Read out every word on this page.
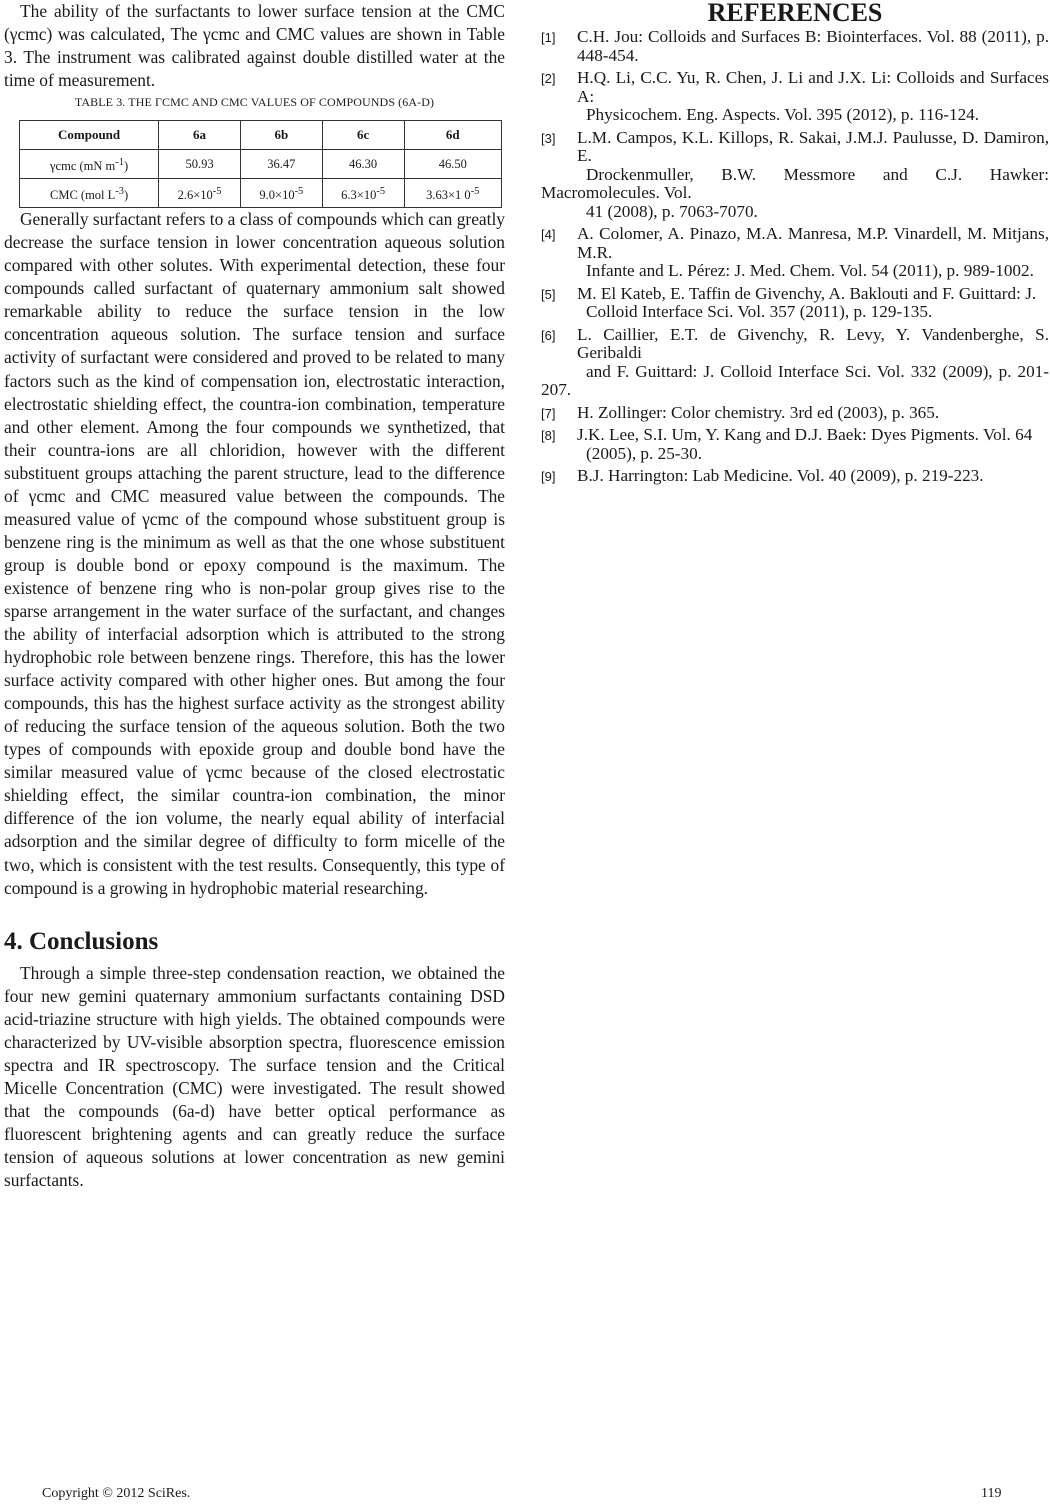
The ability of the surfactants to lower surface tension at the CMC (γcmc) was calculated, The γcmc and CMC values are shown in Table 3. The instrument was calibrated against double distilled water at the time of measurement.

TABLE 3. THE ΓCMC AND CMC VALUES OF COMPOUNDS (6A-D)
Compound	6a	6b	6c	6d
γcmc (mN $m^{-1}$)	50.93	36.47	46.30	46.50
CMC (mol $L^{-3}$)	$2.6\times 10^{-5}$	$9.0\times 10^{-5}$	$6.3\times 10^{-5}$	3.63×1 $0^{-5}$

Generally surfactant refers to a class of compounds which can greatly decrease the surface tension in lower concentration aqueous solution compared with other solutes. With experimental detection, these four compounds called surfactant of quaternary ammonium salt showed remarkable ability to reduce the surface tension in the low concentration aqueous solution. The surface tension and surface activity of surfactant were considered and proved to be related to many factors such as the kind of compensation ion, electrostatic interaction, electrostatic shielding effect, the countra-ion combination, temperature and other element. Among the four compounds we synthetized, that their countra-ions are all chloridion, however with the different substituent groups attaching the parent structure, lead to the difference of γcmc and CMC measured value between the compounds. The measured value of γcmc of the compound whose substituent group is benzene ring is the minimum as well as that the one whose substituent group is double bond or epoxy compound is the maximum. The existence of benzene ring who is non-polar group gives rise to the sparse arrangement in the water surface of the surfactant, and changes the ability of interfacial adsorption which is attributed to the strong hydrophobic role between benzene rings. Therefore, this has the lower surface activity compared with other higher ones. But among the four compounds, this has the highest surface activity as the strongest ability of reducing the surface tension of the aqueous solution. Both the two types of compounds with epoxide group and double bond have the similar measured value of γcmc because of the closed electrostatic shielding effect, the similar countra-ion combination, the minor difference of the ion volume, the nearly equal ability of interfacial adsorption and the similar degree of difficulty to form micelle of the two, which is consistent with the test results. Consequently, this type of compound is a growing in hydrophobic material researching.

4. Conclusions

Through a simple three-step condensation reaction, we obtained the four new gemini quaternary ammonium surfactants containing DSD acid-triazine structure with high yields. The obtained compounds were characterized by UV-visible absorption spectra, fluorescence emission spectra and IR spectroscopy. The surface tension and the Critical Micelle Concentration (CMC) were investigated. The result showed that the compounds (6a-d) have better optical performance as fluorescent brightening agents and can greatly reduce the surface tension of aqueous solutions at lower concentration as new gemini surfactants.

REFERENCES
[1]	C.H. Jou: Colloids and Surfaces B: Biointerfaces. Vol. 88 (2011), p. 448-454.
[2]	H.Q. Li, C.C. Yu, R. Chen, J. Li and J.X. Li: Colloids and Surfaces A:
Physicochem. Eng. Aspects. Vol. 395 (2012), p. 116-124.
[3]	L.M. Campos, K.L. Killops, R. Sakai, J.M.J. Paulusse, D. Damiron, E.
Drockenmuller, B.W. Messmore and C.J. Hawker: Macromolecules. Vol.
41 (2008), p. 7063-7070.
[4]	A. Colomer, A. Pinazo, M.A. Manresa, M.P. Vinardell, M. Mitjans, M.R.
Infante and L. Pérez: J. Med. Chem. Vol. 54 (2011), p. 989-1002.
[5]	M. El Kateb, E. Taffin de Givenchy, A. Baklouti and F. Guittard: J.
Colloid Interface Sci. Vol. 357 (2011), p. 129-135.
[6]	L. Caillier, E.T. de Givenchy, R. Levy, Y. Vandenberghe, S. Geribaldi
and F. Guittard: J. Colloid Interface Sci. Vol. 332 (2009), p. 201-207.
[7]	H. Zollinger: Color chemistry. 3rd ed (2003), p. 365.
[8]	J.K. Lee, S.I. Um, Y. Kang and D.J. Baek: Dyes Pigments. Vol. 64
(2005), p. 25-30.
[9]	B.J. Harrington: Lab Medicine. Vol. 40 (2009), p. 219-223.
Copyright © 2012 SciRes.	119
